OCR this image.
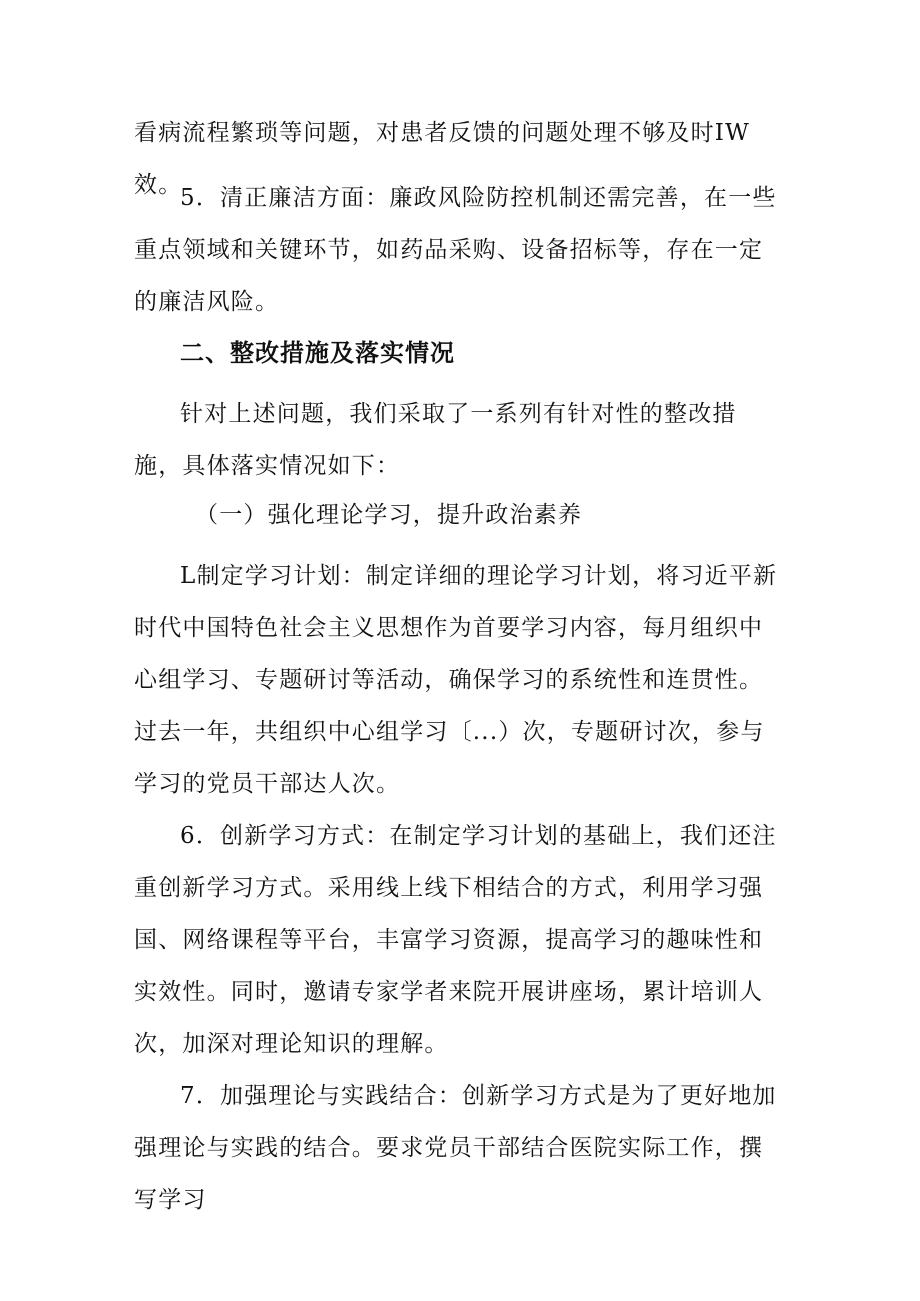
看病流程繁琐等问题，对患者反馈的问题处理不够及时IW效。
5．清正廉洁方面：廉政风险防控机制还需完善，在一些重点领域和关键环节，如药品采购、设备招标等，存在一定的廉洁风险。
二、整改措施及落实情况
针对上述问题，我们采取了一系列有针对性的整改措施，具体落实情况如下：
（一）强化理论学习，提升政治素养
L制定学习计划：制定详细的理论学习计划，将习近平新时代中国特色社会主义思想作为首要学习内容，每月组织中心组学习、专题研讨等活动，确保学习的系统性和连贯性。过去一年，共组织中心组学习〔...）次，专题研讨次，参与学习的党员干部达人次。
6．创新学习方式：在制定学习计划的基础上，我们还注重创新学习方式。采用线上线下相结合的方式，利用学习强国、网络课程等平台，丰富学习资源，提高学习的趣味性和实效性。同时，邀请专家学者来院开展讲座场，累计培训人次，加深对理论知识的理解。
7．加强理论与实践结合：创新学习方式是为了更好地加强理论与实践的结合。要求党员干部结合医院实际工作，撰写学习
